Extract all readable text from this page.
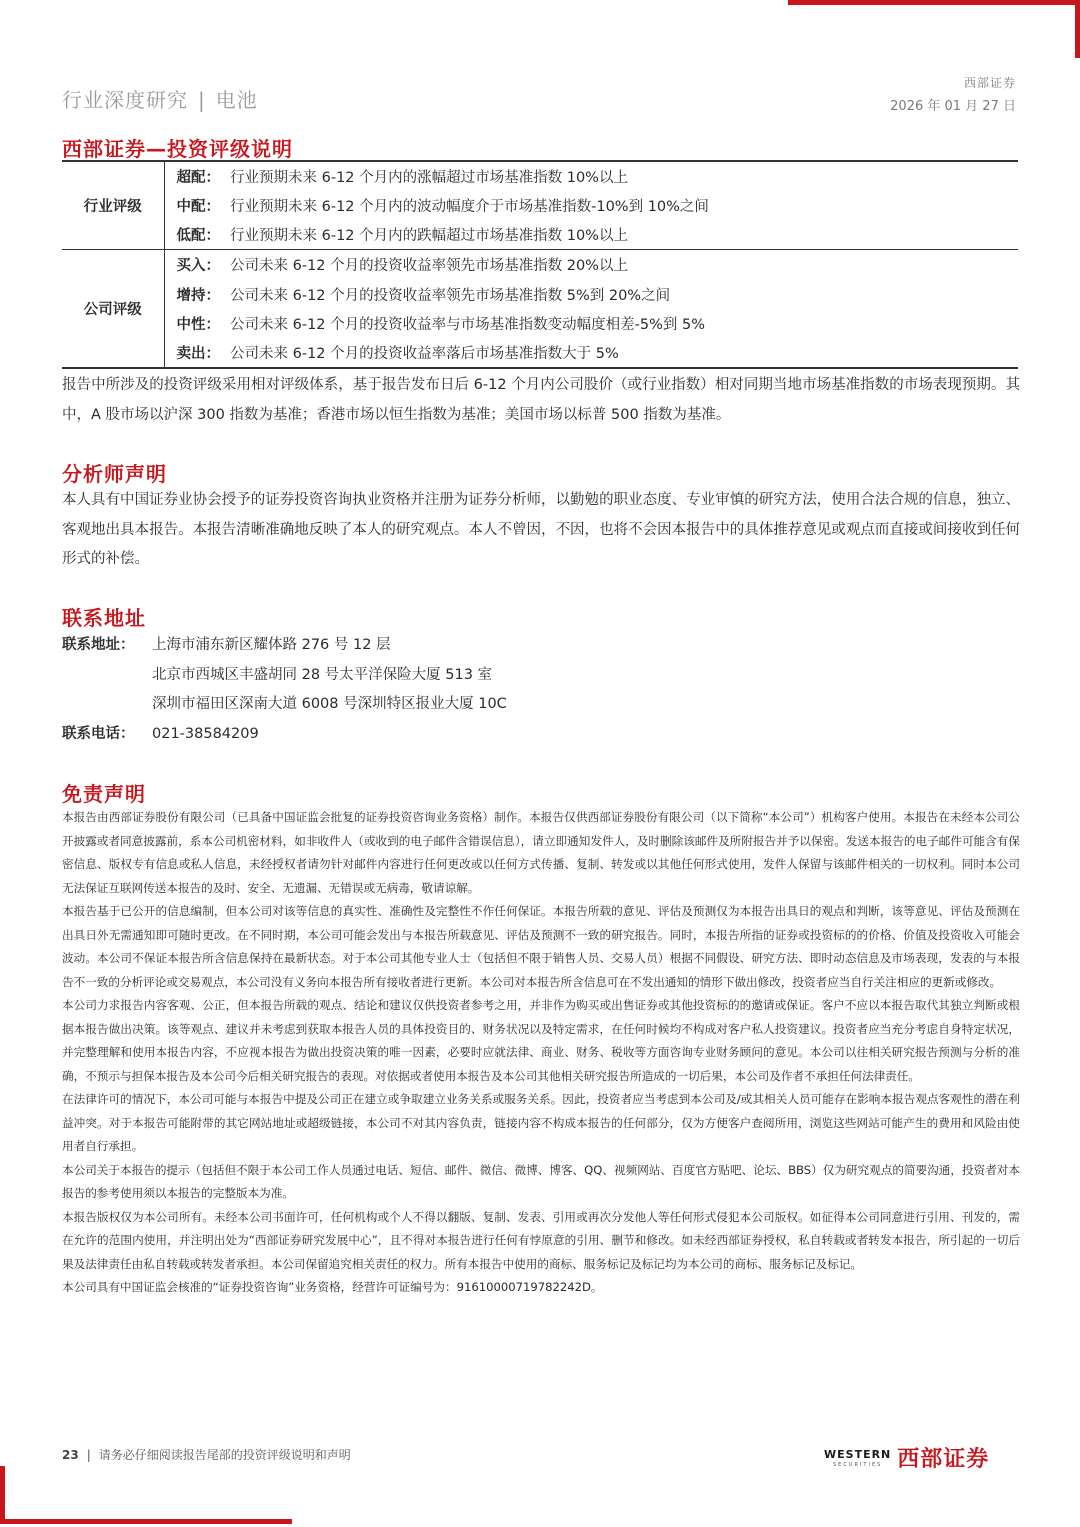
行业深度研究 | 电池
西部证券
2026 年 01 月 27 日
西部证券—投资评级说明
行业评级	超配：	行业预期未来 6-12 个月内的涨幅超过市场基准指数 10%以上
	中配：	行业预期未来 6-12 个月内的波动幅度介于市场基准指数-10%到 10%之间
	低配：	行业预期未来 6-12 个月内的跌幅超过市场基准指数 10%以上
公司评级	买入：	公司未来 6-12 个月的投资收益率领先市场基准指数 20%以上
	增持：	公司未来 6-12 个月的投资收益率领先市场基准指数 5%到 20%之间
	中性：	公司未来 6-12 个月的投资收益率与市场基准指数变动幅度相差-5%到 5%
	卖出：	公司未来 6-12 个月的投资收益率落后市场基准指数大于 5%
报告中所涉及的投资评级采用相对评级体系，基于报告发布日后 6-12 个月内公司股价（或行业指数）相对同期当地市场基准指数的市场表现预期。其中，A 股市场以沪深 300 指数为基准；香港市场以恒生指数为基准；美国市场以标普 500 指数为基准。
分析师声明
本人具有中国证券业协会授予的证券投资咨询执业资格并注册为证券分析师，以勤勉的职业态度、专业审慎的研究方法，使用合法合规的信息，独立、客观地出具本报告。本报告清晰准确地反映了本人的研究观点。本人不曾因，不因，也将不会因本报告中的具体推荐意见或观点而直接或间接收到任何形式的补偿。
联系地址
联系地址：	上海市浦东新区耀体路 276 号 12 层
北京市西城区丰盛胡同 28 号太平洋保险大厦 513 室
深圳市福田区深南大道 6008 号深圳特区报业大厦 10C
联系电话：	021-38584209
免责声明

本报告由西部证券股份有限公司（已具备中国证监会批复的证券投资咨询业务资格）制作。本报告仅供西部证券股份有限公司（以下简称“本公司”）机构客户使用。本报告在未经本公司公开披露或者同意披露前，系本公司机密材料，如非收件人（或收到的电子邮件含错误信息），请立即通知发件人，及时删除该邮件及所附报告并予以保密。发送本报告的电子邮件可能含有保密信息、版权专有信息或私人信息，未经授权者请勿针对邮件内容进行任何更改或以任何方式传播、复制、转发或以其他任何形式使用，发件人保留与该邮件相关的一切权利。同时本公司无法保证互联网传送本报告的及时、安全、无遗漏、无错误或无病毒，敬请谅解。

本报告基于已公开的信息编制，但本公司对该等信息的真实性、准确性及完整性不作任何保证。本报告所载的意见、评估及预测仅为本报告出具日的观点和判断，该等意见、评估及预测在出具日外无需通知即可随时更改。在不同时期，本公司可能会发出与本报告所载意见、评估及预测不一致的研究报告。同时，本报告所指的证券或投资标的的价格、价值及投资收入可能会波动。本公司不保证本报告所含信息保持在最新状态。对于本公司其他专业人士（包括但不限于销售人员、交易人员）根据不同假设、研究方法、即时动态信息及市场表现，发表的与本报告不一致的分析评论或交易观点，本公司没有义务向本报告所有接收者进行更新。本公司对本报告所含信息可在不发出通知的情形下做出修改，投资者应当自行关注相应的更新或修改。

本公司力求报告内容客观、公正，但本报告所载的观点、结论和建议仅供投资者参考之用，并非作为购买或出售证券或其他投资标的的邀请或保证。客户不应以本报告取代其独立判断或根据本报告做出决策。该等观点、建议并未考虑到获取本报告人员的具体投资目的、财务状况以及特定需求，在任何时候均不构成对客户私人投资建议。投资者应当充分考虑自身特定状况，并完整理解和使用本报告内容，不应视本报告为做出投资决策的唯一因素，必要时应就法律、商业、财务、税收等方面咨询专业财务顾问的意见。本公司以往相关研究报告预测与分析的准确，不预示与担保本报告及本公司今后相关研究报告的表现。对依据或者使用本报告及本公司其他相关研究报告所造成的一切后果，本公司及作者不承担任何法律责任。

在法律许可的情况下，本公司可能与本报告中提及公司正在建立或争取建立业务关系或服务关系。因此，投资者应当考虑到本公司及/或其相关人员可能存在影响本报告观点客观性的潜在利益冲突。对于本报告可能附带的其它网站地址或超级链接，本公司不对其内容负责，链接内容不构成本报告的任何部分，仅为方便客户查阅所用，浏览这些网站可能产生的费用和风险由使用者自行承担。

本公司关于本报告的提示（包括但不限于本公司工作人员通过电话、短信、邮件、微信、微博、博客、QQ、视频网站、百度官方贴吧、论坛、BBS）仅为研究观点的简要沟通，投资者对本报告的参考使用须以本报告的完整版本为准。

本报告版权仅为本公司所有。未经本公司书面许可，任何机构或个人不得以翻版、复制、发表、引用或再次分发他人等任何形式侵犯本公司版权。如征得本公司同意进行引用、刊发的，需在允许的范围内使用，并注明出处为“西部证券研究发展中心”，且不得对本报告进行任何有悖原意的引用、删节和修改。如未经西部证券授权，私自转载或者转发本报告，所引起的一切后果及法律责任由私自转载或转发者承担。本公司保留追究相关责任的权力。所有本报告中使用的商标、服务标记及标记均为本公司的商标、服务标记及标记。

本公司具有中国证监会核准的“证券投资咨询”业务资格，经营许可证编号为：91610000719782242D。

23 | 请务必仔细阅读报告尾部的投资评级说明和声明	WESTERN
SECURITIES 西部证券
